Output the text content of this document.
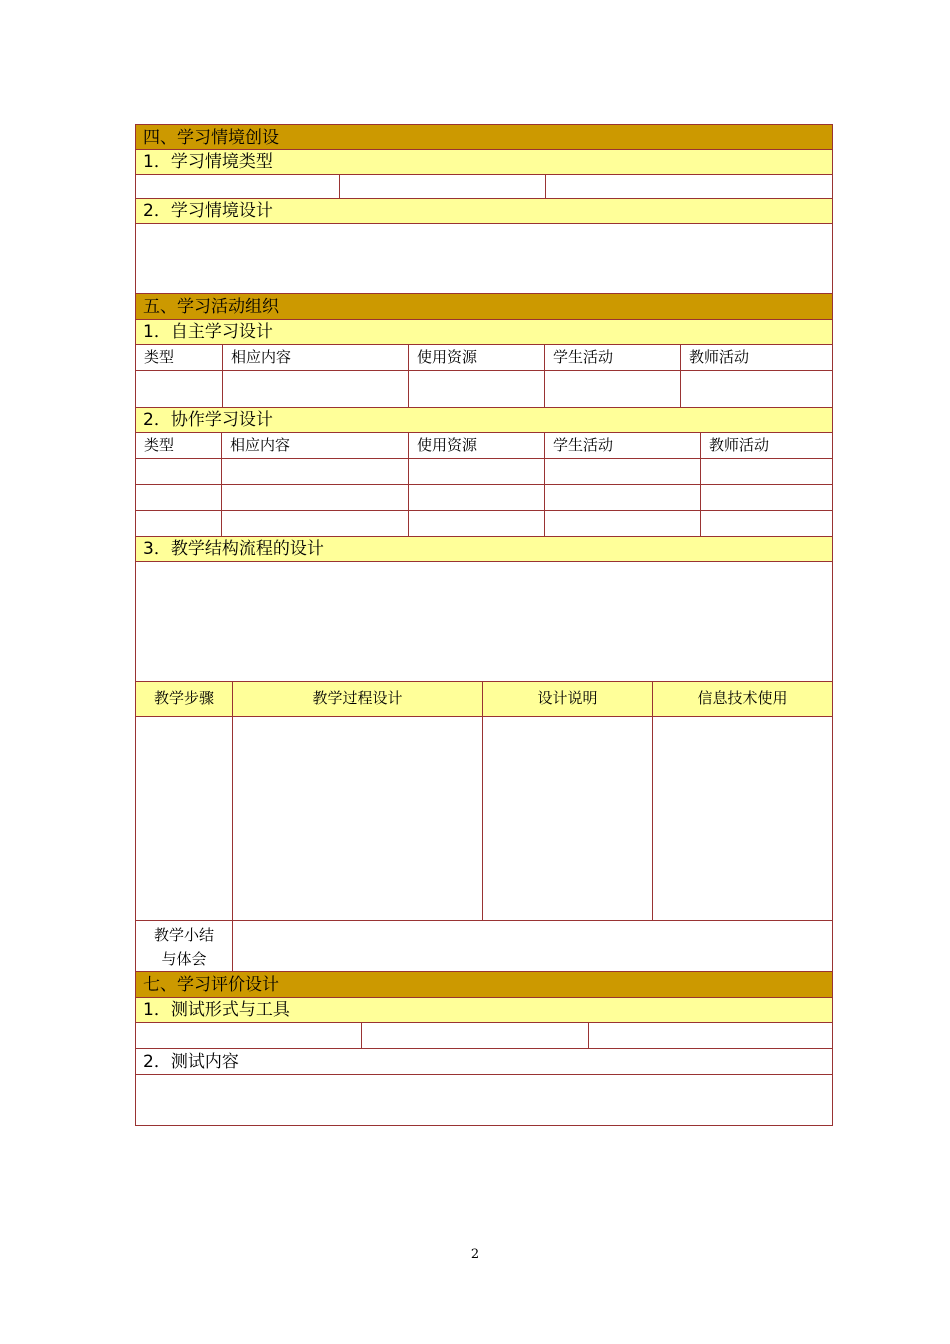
四、学习情境创设
1．学习情境类型
2．学习情境设计
五、学习活动组织
1．自主学习设计
类型	相应内容	使用资源	学生活动	教师活动
2．协作学习设计
类型	相应内容	使用资源	学生活动	教师活动
3．教学结构流程的设计
教学步骤	教学过程设计	设计说明	信息技术使用
教学小结
与体会
七、学习评价设计
1．测试形式与工具
2．测试内容
2
